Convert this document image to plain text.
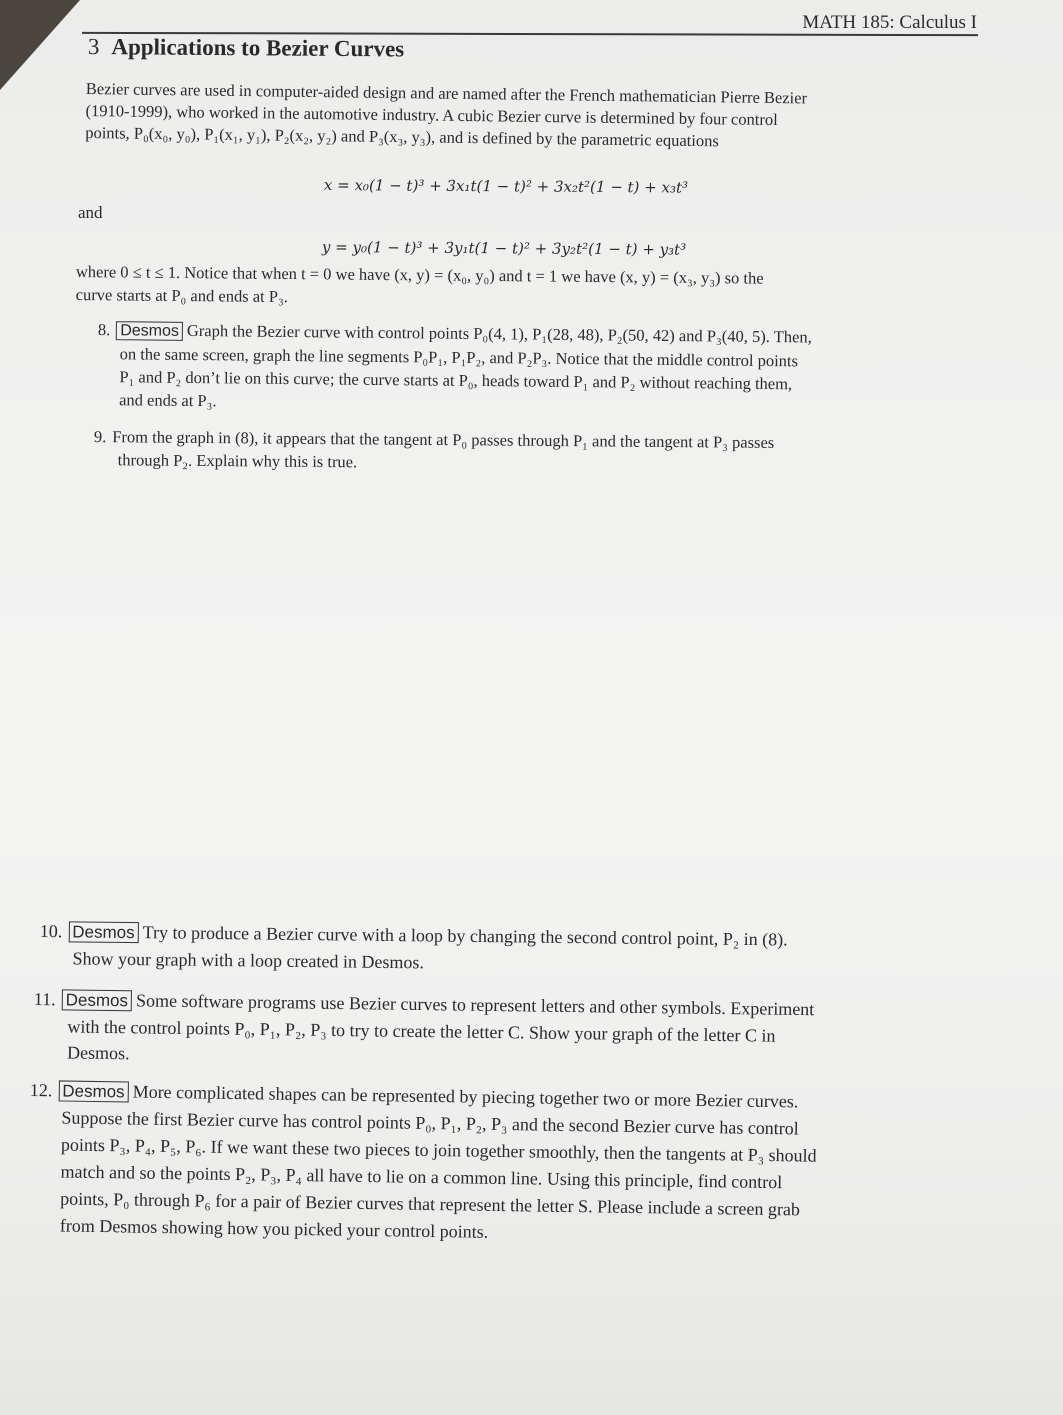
MATH 185: Calculus I
3 Applications to Bezier Curves
Bezier curves are used in computer-aided design and are named after the French mathematician Pierre Bezier
(1910-1999), who worked in the automotive industry. A cubic Bezier curve is determined by four control
points, P₀(x₀, y₀), P₁(x₁, y₁), P₂(x₂, y₂) and P₃(x₃, y₃), and is defined by the parametric equations
x = x₀(1 − t)³ + 3x₁t(1 − t)² + 3x₂t²(1 − t) + x₃t³
and
y = y₀(1 − t)³ + 3y₁t(1 − t)² + 3y₂t²(1 − t) + y₃t³
where 0 ≤ t ≤ 1. Notice that when t = 0 we have (x, y) = (x₀, y₀) and t = 1 we have (x, y) = (x₃, y₃) so the
curve starts at P₀ and ends at P₃.
8. Desmos Graph the Bezier curve with control points P₀(4, 1), P₁(28, 48), P₂(50, 42) and P₃(40, 5). Then,
on the same screen, graph the line segments P₀P₁, P₁P₂, and P₂P₃. Notice that the middle control points
P₁ and P₂ don’t lie on this curve; the curve starts at P₀, heads toward P₁ and P₂ without reaching them,
and ends at P₃.
9. From the graph in (8), it appears that the tangent at P₀ passes through P₁ and the tangent at P₃ passes
through P₂. Explain why this is true.
10. Desmos Try to produce a Bezier curve with a loop by changing the second control point, P₂ in (8).
Show your graph with a loop created in Desmos.
11. Desmos Some software programs use Bezier curves to represent letters and other symbols. Experiment
with the control points P₀, P₁, P₂, P₃ to try to create the letter C. Show your graph of the letter C in
Desmos.
12. Desmos More complicated shapes can be represented by piecing together two or more Bezier curves.
Suppose the first Bezier curve has control points P₀, P₁, P₂, P₃ and the second Bezier curve has control
points P₃, P₄, P₅, P₆. If we want these two pieces to join together smoothly, then the tangents at P₃ should
match and so the points P₂, P₃, P₄ all have to lie on a common line. Using this principle, find control
points, P₀ through P₆ for a pair of Bezier curves that represent the letter S. Please include a screen grab
from Desmos showing how you picked your control points.
